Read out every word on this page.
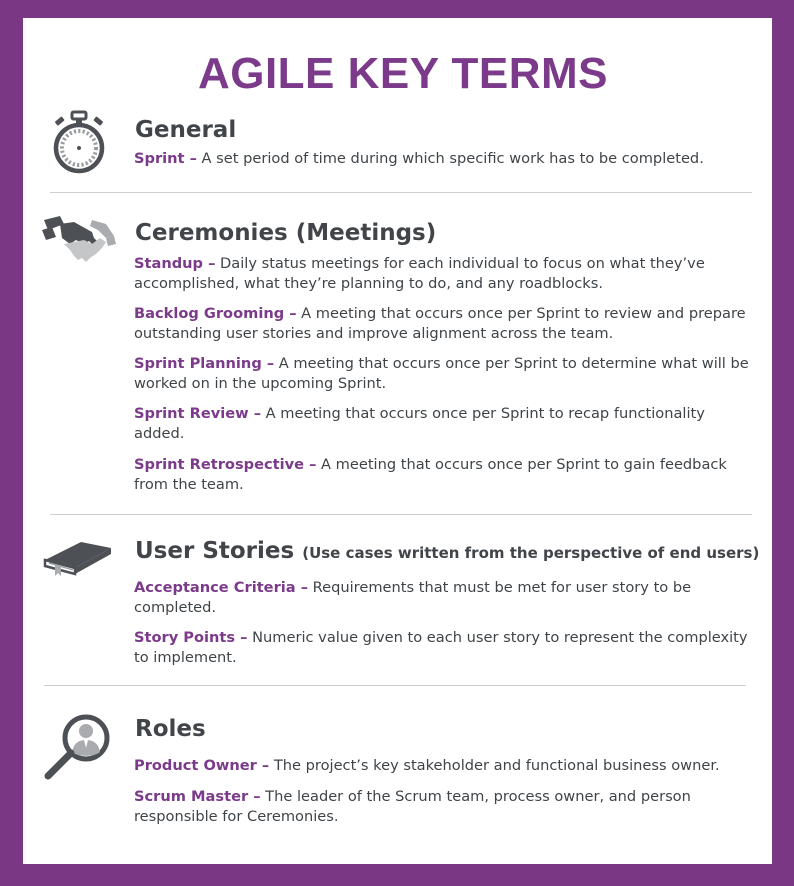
AGILE KEY TERMS
General

Sprint – A set period of time during which specific work has to be completed.

Ceremonies (Meetings)

Standup – Daily status meetings for each individual to focus on what they’ve accomplished, what they’re planning to do, and any roadblocks.

Backlog Grooming – A meeting that occurs once per Sprint to review and prepare outstanding user stories and improve alignment across the team.

Sprint Planning – A meeting that occurs once per Sprint to determine what will be worked on in the upcoming Sprint.

Sprint Review – A meeting that occurs once per Sprint to recap functionality added.

Sprint Retrospective – A meeting that occurs once per Sprint to gain feedback from the team.

User Stories (Use cases written from the perspective of end users)

Acceptance Criteria – Requirements that must be met for user story to be completed.

Story Points – Numeric value given to each user story to represent the complexity to implement.

Roles

Product Owner – The project’s key stakeholder and functional business owner.

Scrum Master – The leader of the Scrum team, process owner, and person responsible for Ceremonies.
